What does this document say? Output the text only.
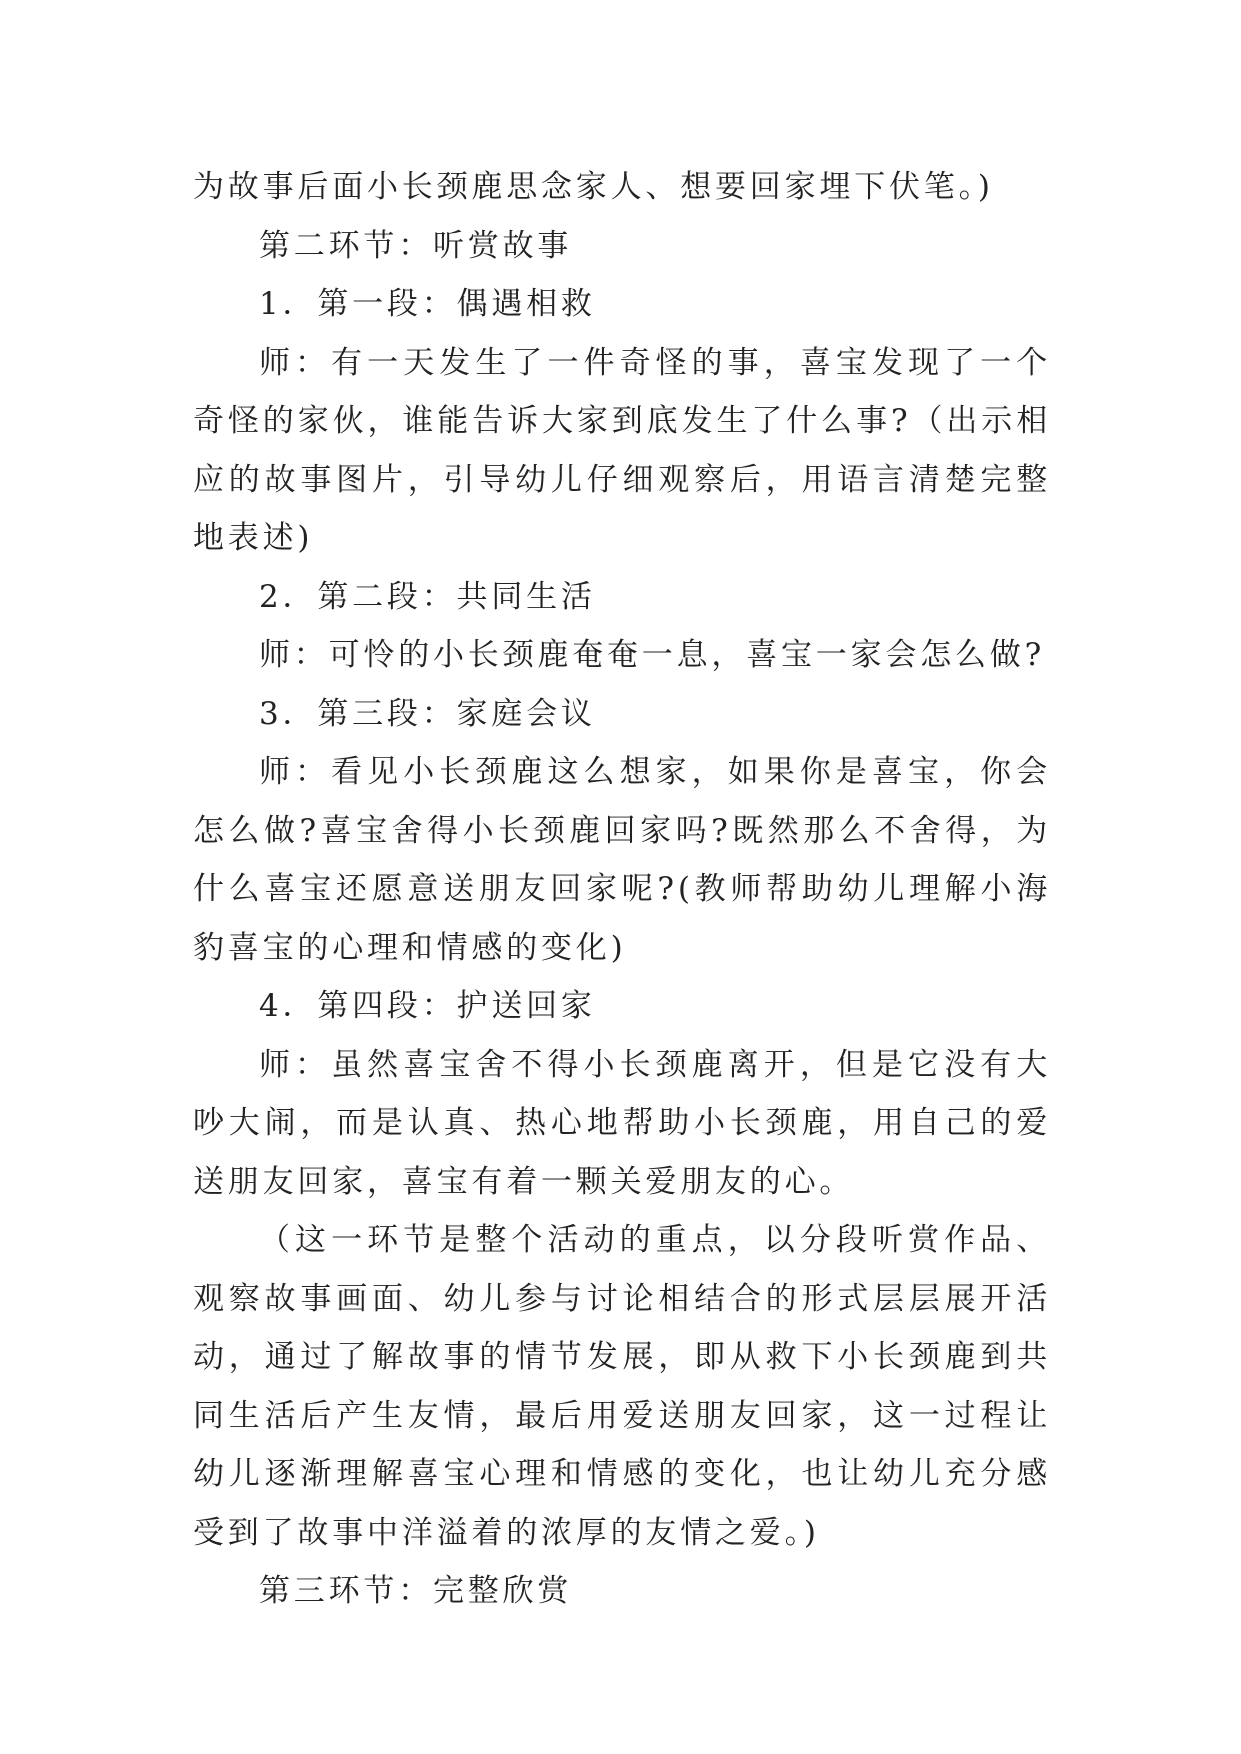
为故事后面小长颈鹿思念家人、想要回家埋下伏笔。)

第二环节：听赏故事

1．第一段：偶遇相救

师：有一天发生了一件奇怪的事，喜宝发现了一个奇怪的家伙，谁能告诉大家到底发生了什么事?（出示相应的故事图片，引导幼儿仔细观察后，用语言清楚完整地表述)

2．第二段：共同生活

师：可怜的小长颈鹿奄奄一息，喜宝一家会怎么做?

3．第三段：家庭会议

师：看见小长颈鹿这么想家，如果你是喜宝，你会怎么做?喜宝舍得小长颈鹿回家吗?既然那么不舍得，为什么喜宝还愿意送朋友回家呢?(教师帮助幼儿理解小海豹喜宝的心理和情感的变化)

4．第四段：护送回家

师：虽然喜宝舍不得小长颈鹿离开，但是它没有大吵大闹，而是认真、热心地帮助小长颈鹿，用自己的爱送朋友回家，喜宝有着一颗关爱朋友的心。

（这一环节是整个活动的重点，以分段听赏作品、观察故事画面、幼儿参与讨论相结合的形式层层展开活动，通过了解故事的情节发展，即从救下小长颈鹿到共同生活后产生友情，最后用爱送朋友回家，这一过程让幼儿逐渐理解喜宝心理和情感的变化，也让幼儿充分感受到了故事中洋溢着的浓厚的友情之爱。)

第三环节：完整欣赏
